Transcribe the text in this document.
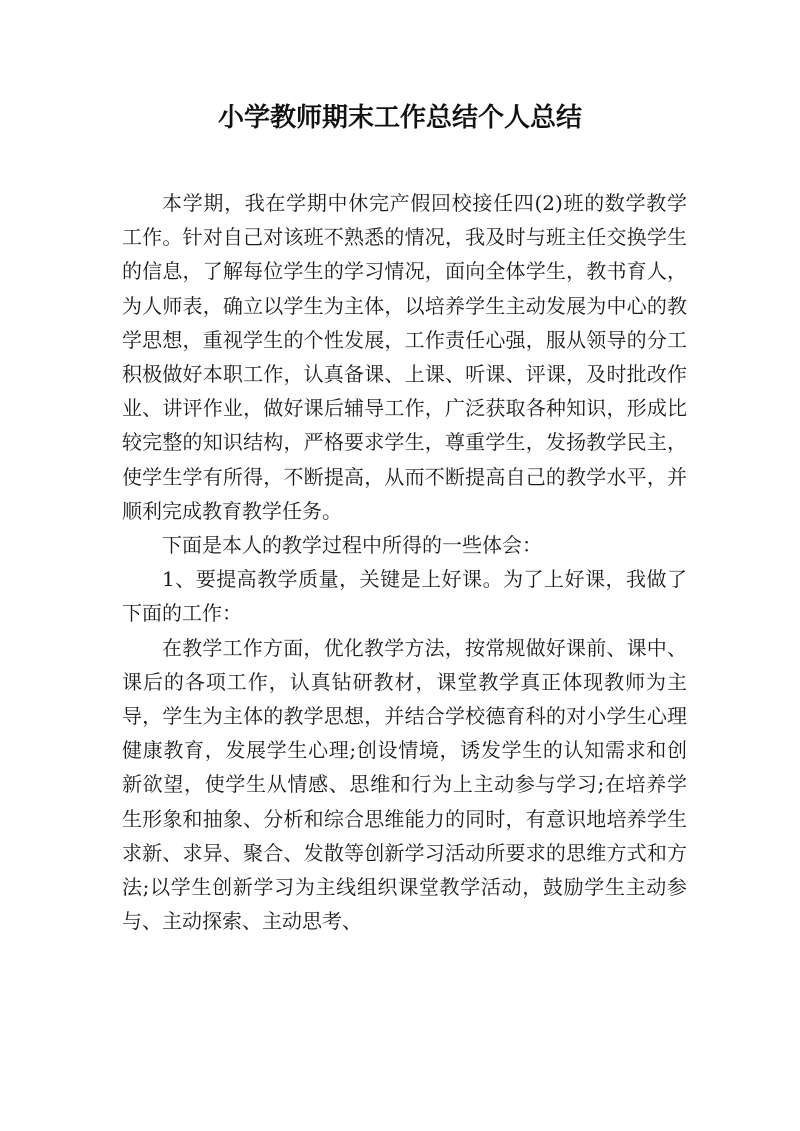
小学教师期末工作总结个人总结

本学期，我在学期中休完产假回校接任四(2)班的数学教学工作。针对自己对该班不熟悉的情况，我及时与班主任交换学生的信息，了解每位学生的学习情况，面向全体学生，教书育人，为人师表，确立以学生为主体，以培养学生主动发展为中心的教学思想，重视学生的个性发展，工作责任心强，服从领导的分工积极做好本职工作，认真备课、上课、听课、评课，及时批改作业、讲评作业，做好课后辅导工作，广泛获取各种知识，形成比较完整的知识结构，严格要求学生，尊重学生，发扬教学民主，使学生学有所得，不断提高，从而不断提高自己的教学水平，并顺利完成教育教学任务。

下面是本人的教学过程中所得的一些体会：

1、要提高教学质量，关键是上好课。为了上好课，我做了下面的工作：

在教学工作方面，优化教学方法，按常规做好课前、课中、课后的各项工作，认真钻研教材，课堂教学真正体现教师为主导，学生为主体的教学思想，并结合学校德育科的对小学生心理健康教育，发展学生心理;创设情境，诱发学生的认知需求和创新欲望，使学生从情感、思维和行为上主动参与学习;在培养学生形象和抽象、分析和综合思维能力的同时，有意识地培养学生求新、求异、聚合、发散等创新学习活动所要求的思维方式和方法;以学生创新学习为主线组织课堂教学活动，鼓励学生主动参与、主动探索、主动思考、
